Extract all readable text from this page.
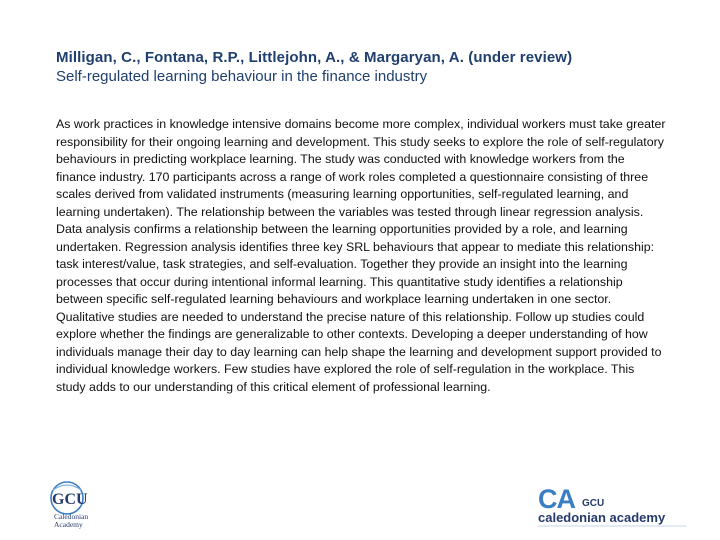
Milligan, C., Fontana, R.P., Littlejohn, A., & Margaryan, A. (under review)
Self-regulated learning behaviour in the finance industry
As work practices in knowledge intensive domains become more complex, individual workers must take greater responsibility for their ongoing learning and development. This study seeks to explore the role of self-regulatory behaviours in predicting workplace learning. The study was conducted with knowledge workers from the finance industry. 170 participants across a range of work roles completed a questionnaire consisting of three scales derived from validated instruments (measuring learning opportunities, self-regulated learning, and learning undertaken). The relationship between the variables was tested through linear regression analysis. Data analysis confirms a relationship between the learning opportunities provided by a role, and learning undertaken. Regression analysis identifies three key SRL behaviours that appear to mediate this relationship: task interest/value, task strategies, and self-evaluation. Together they provide an insight into the learning processes that occur during intentional informal learning. This quantitative study identifies a relationship between specific self-regulated learning behaviours and workplace learning undertaken in one sector. Qualitative studies are needed to understand the precise nature of this relationship. Follow up studies could explore whether the findings are generalizable to other contexts. Developing a deeper understanding of how individuals manage their day to day learning can help shape the learning and development support provided to individual knowledge workers. Few studies have explored the role of self-regulation in the workplace. This study adds to our understanding of this critical element of professional learning.
GCU
Caledonian
Academy
CA GCU
caledonian academy
